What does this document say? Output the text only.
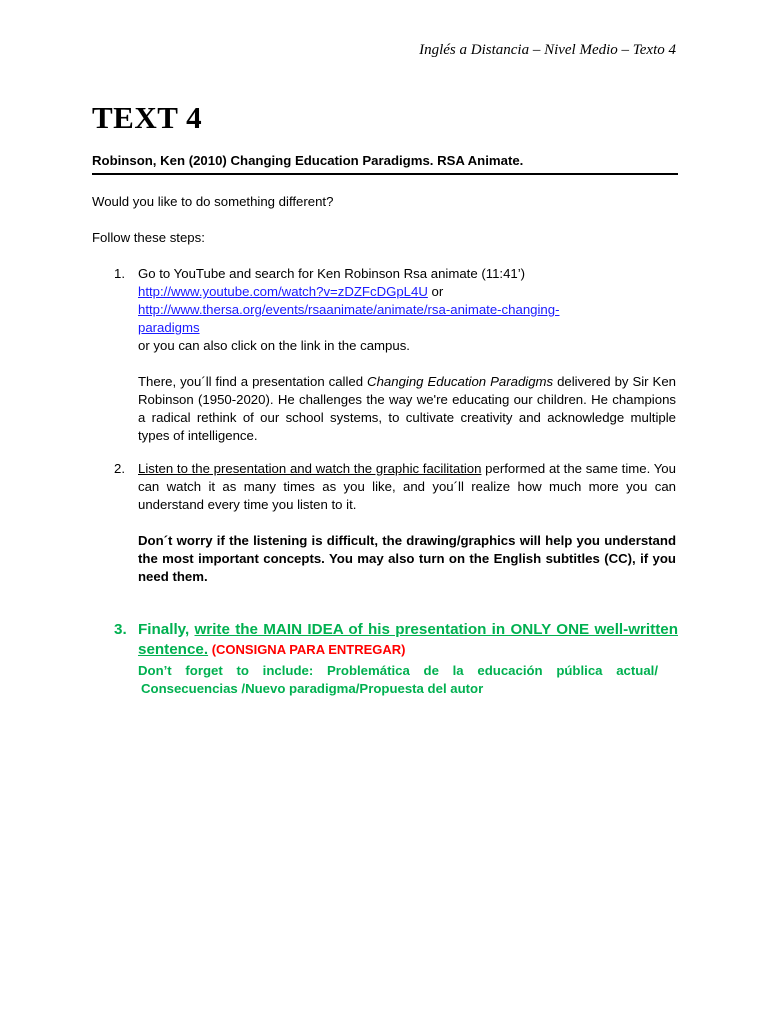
Inglés a Distancia – Nivel Medio – Texto 4
TEXT 4
Robinson, Ken (2010) Changing Education Paradigms. RSA Animate.
Would you like to do something different?
Follow these steps:
1. Go to YouTube and search for Ken Robinson Rsa animate (11:41’)
http://www.youtube.com/watch?v=zDZFcDGpL4U or
http://www.thersa.org/events/rsaanimate/animate/rsa-animate-changing-
paradigms
or you can also click on the link in the campus.
There, you´ll find a presentation called Changing Education Paradigms delivered by Sir Ken Robinson (1950-2020). He challenges the way we're educating our children. He champions a radical rethink of our school systems, to cultivate creativity and acknowledge multiple types of intelligence.
2. Listen to the presentation and watch the graphic facilitation performed at the same time. You can watch it as many times as you like, and you´ll realize how much more you can understand every time you listen to it.
Don´t worry if the listening is difficult, the drawing/graphics will help you understand the most important concepts. You may also turn on the English subtitles (CC), if you need them.
3. Finally, write the MAIN IDEA of his presentation in ONLY ONE well-written sentence. (CONSIGNA PARA ENTREGAR)
Don’t forget to include: Problemática de la educación pública actual/
Consecuencias /Nuevo paradigma/Propuesta del autor
